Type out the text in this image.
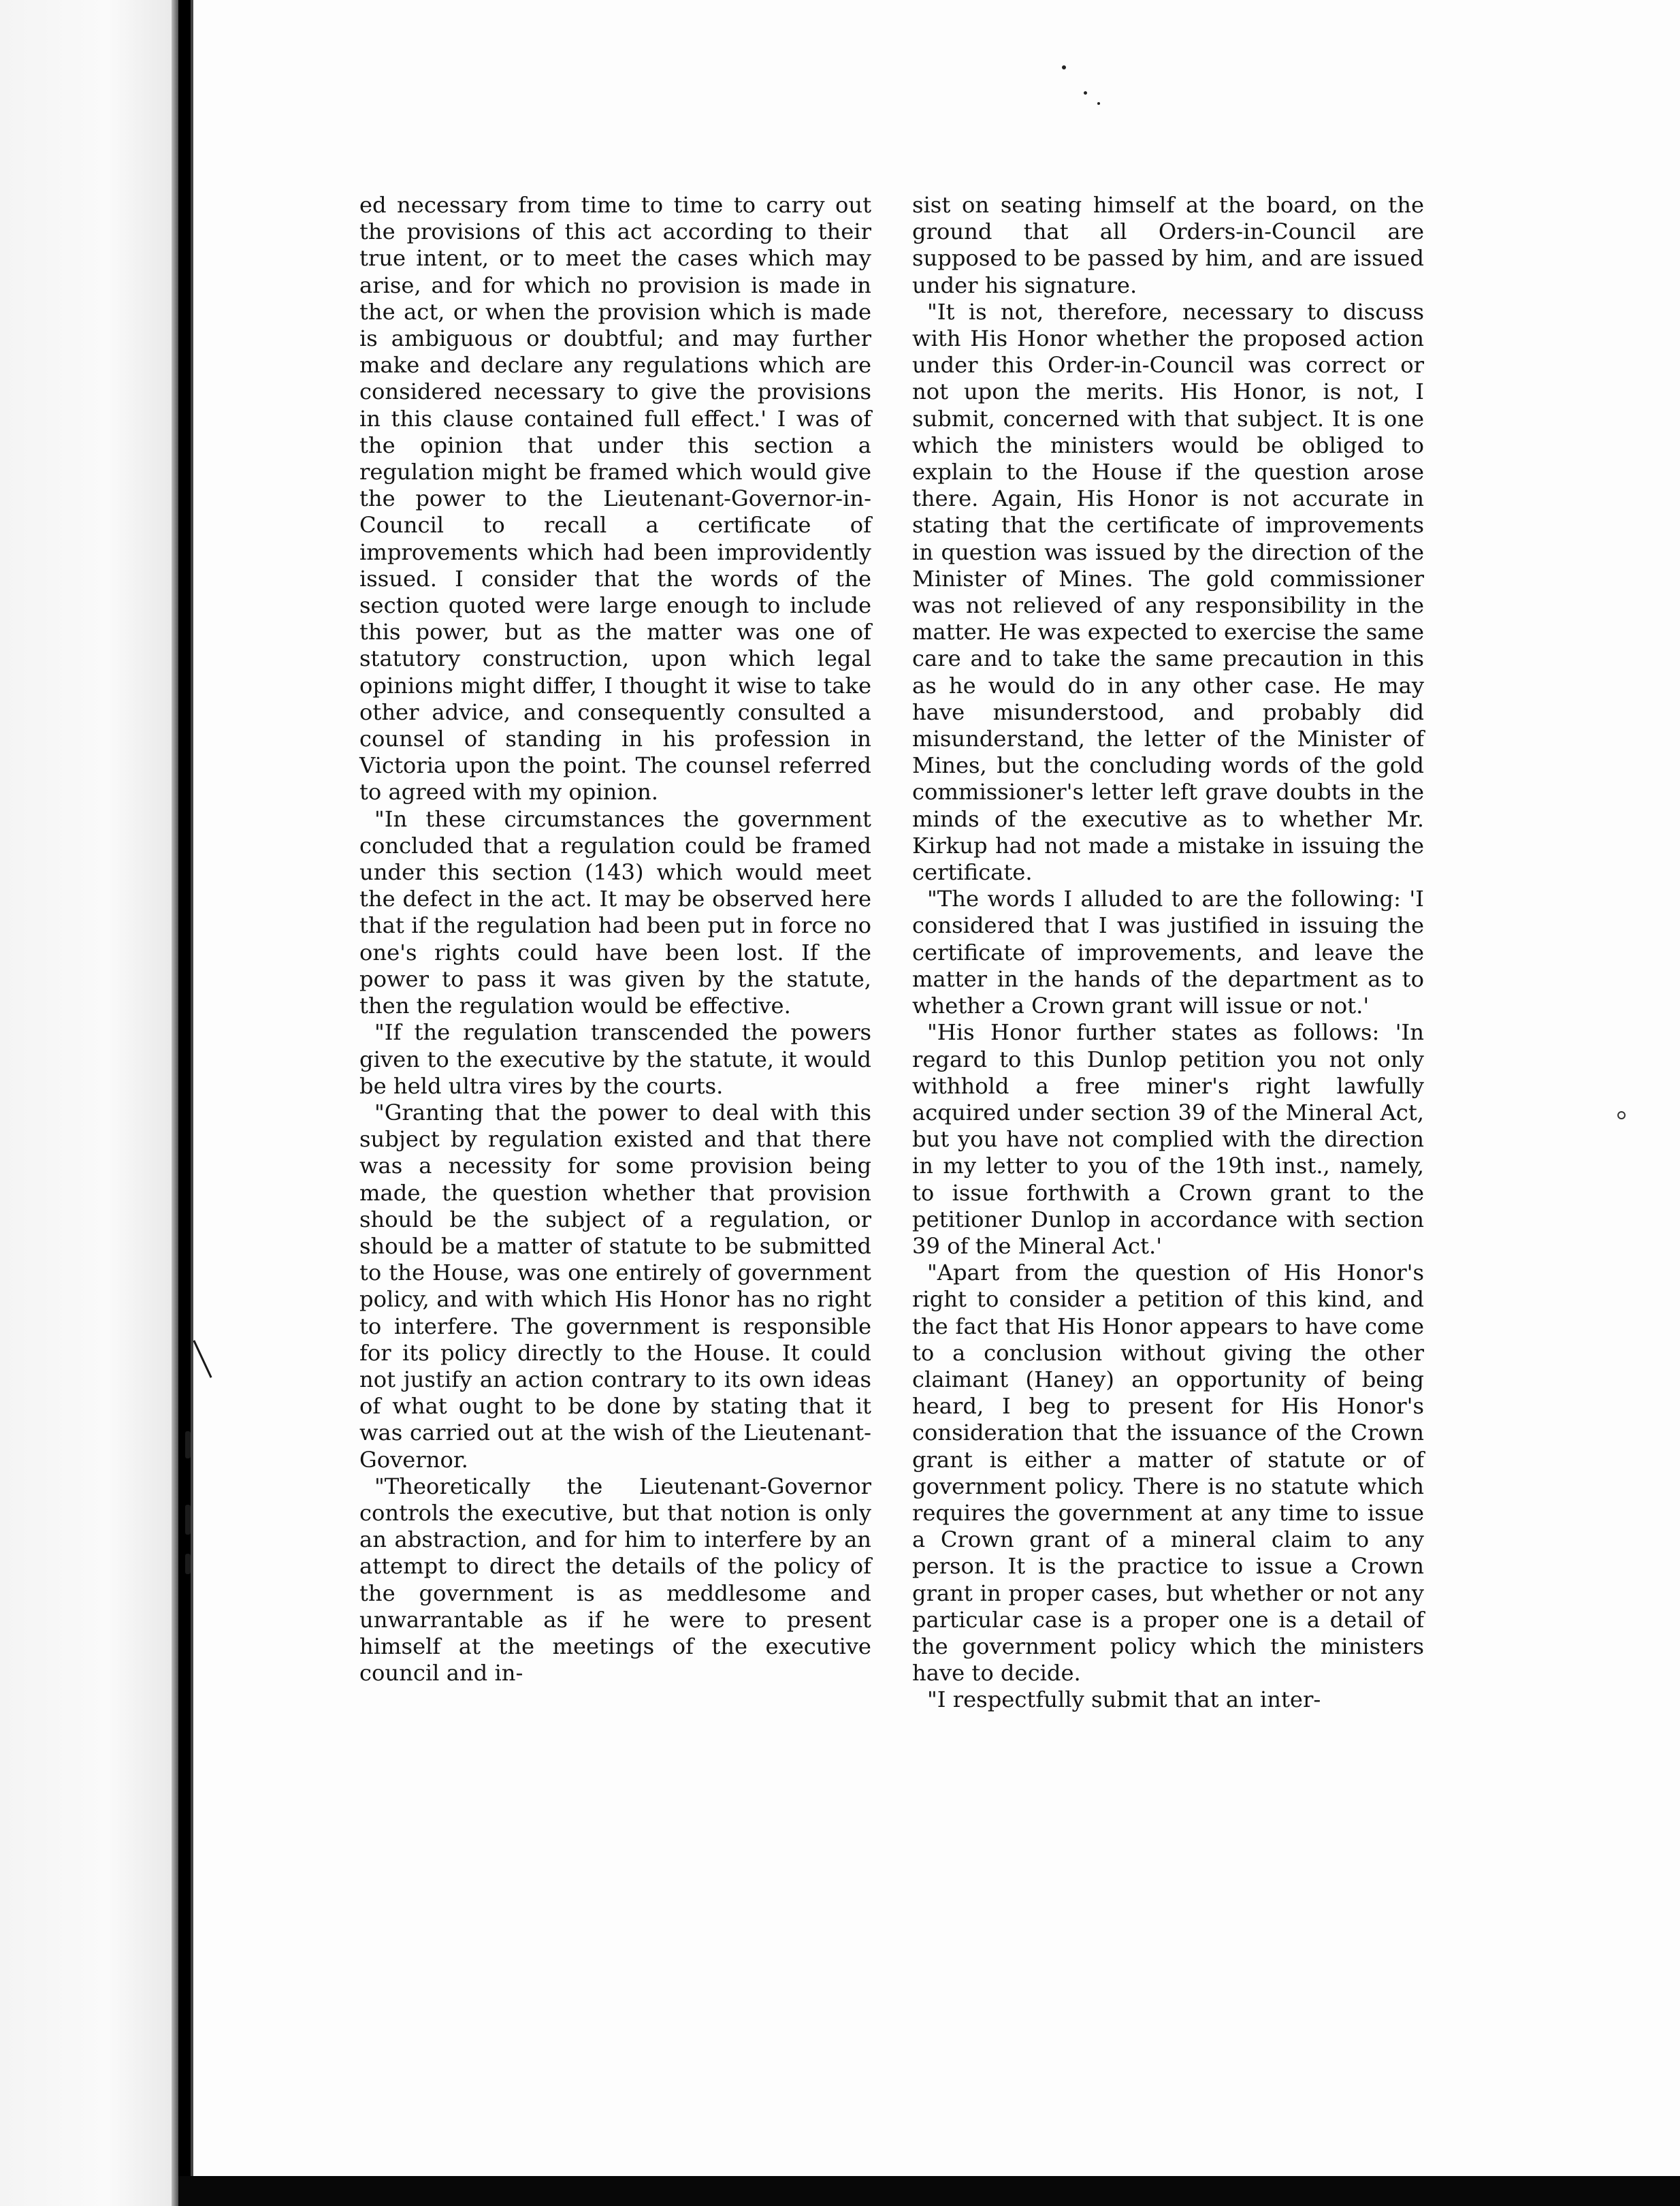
ed necessary from time to time to carry out the provisions of this act according to their true intent, or to meet the cases which may arise, and for which no provision is made in the act, or when the provision which is made is ambiguous or doubtful; and may further make and declare any regulations which are considered necessary to give the provisions in this clause contained full effect.' I was of the opinion that under this section a regulation might be framed which would give the power to the Lieutenant-Governor-in-Council to recall a certificate of improvements which had been improvidently issued. I consider that the words of the section quoted were large enough to include this power, but as the matter was one of statutory construction, upon which legal opinions might differ, I thought it wise to take other advice, and consequently consulted a counsel of standing in his profession in Victoria upon the point. The counsel referred to agreed with my opinion.

"In these circumstances the government concluded that a regulation could be framed under this section (143) which would meet the defect in the act. It may be observed here that if the regulation had been put in force no one's rights could have been lost. If the power to pass it was given by the statute, then the regulation would be effective.

"If the regulation transcended the powers given to the executive by the statute, it would be held ultra vires by the courts.

"Granting that the power to deal with this subject by regulation existed and that there was a necessity for some provision being made, the question whether that provision should be the subject of a regulation, or should be a matter of statute to be submitted to the House, was one entirely of government policy, and with which His Honor has no right to interfere. The government is responsible for its policy directly to the House. It could not justify an action contrary to its own ideas of what ought to be done by stating that it was carried out at the wish of the Lieutenant-Governor.

"Theoretically the Lieutenant-Governor controls the executive, but that notion is only an abstraction, and for him to interfere by an attempt to direct the details of the policy of the government is as meddlesome and unwarrantable as if he were to present himself at the meetings of the executive council and in-

sist on seating himself at the board, on the ground that all Orders-in-Council are supposed to be passed by him, and are issued under his signature.

"It is not, therefore, necessary to discuss with His Honor whether the proposed action under this Order-in-Council was correct or not upon the merits. His Honor, is not, I submit, concerned with that subject. It is one which the ministers would be obliged to explain to the House if the question arose there. Again, His Honor is not accurate in stating that the certificate of improvements in question was issued by the direction of the Minister of Mines. The gold commissioner was not relieved of any responsibility in the matter. He was expected to exercise the same care and to take the same precaution in this as he would do in any other case. He may have misunderstood, and probably did misunderstand, the letter of the Minister of Mines, but the concluding words of the gold commissioner's letter left grave doubts in the minds of the executive as to whether Mr. Kirkup had not made a mistake in issuing the certificate.

"The words I alluded to are the following: 'I considered that I was justified in issuing the certificate of improvements, and leave the matter in the hands of the department as to whether a Crown grant will issue or not.'

"His Honor further states as follows: 'In regard to this Dunlop petition you not only withhold a free miner's right lawfully acquired under section 39 of the Mineral Act, but you have not complied with the direction in my letter to you of the 19th inst., namely, to issue forthwith a Crown grant to the petitioner Dunlop in accordance with section 39 of the Mineral Act.'

"Apart from the question of His Honor's right to consider a petition of this kind, and the fact that His Honor appears to have come to a conclusion without giving the other claimant (Haney) an opportunity of being heard, I beg to present for His Honor's consideration that the issuance of the Crown grant is either a matter of statute or of government policy. There is no statute which requires the government at any time to issue a Crown grant of a mineral claim to any person. It is the practice to issue a Crown grant in proper cases, but whether or not any particular case is a proper one is a detail of the government policy which the ministers have to decide.

"I respectfully submit that an inter-
